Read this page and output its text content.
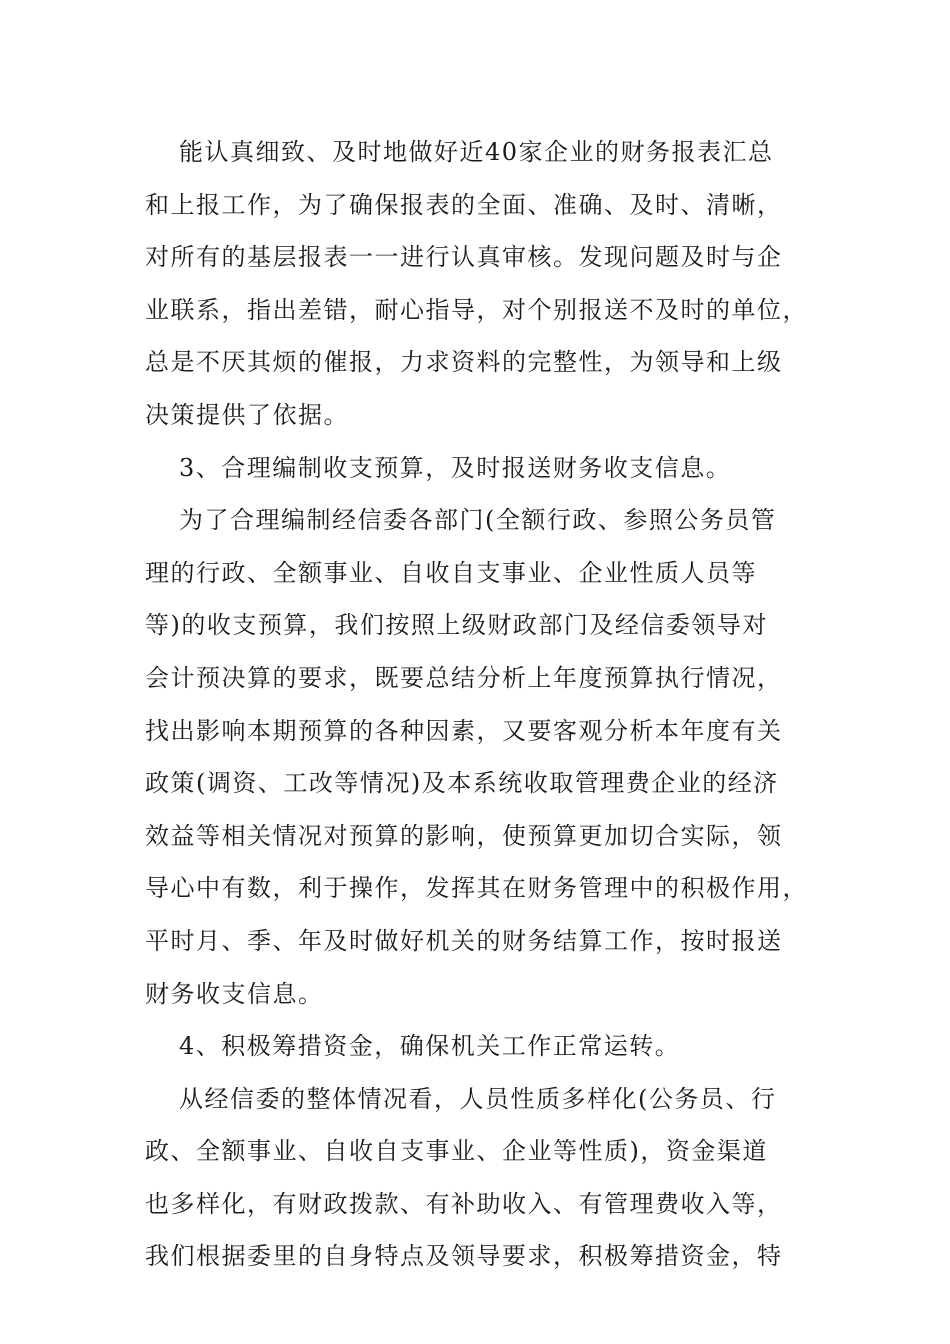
能认真细致、及时地做好近40家企业的财务报表汇总
和上报工作，为了确保报表的全面、准确、及时、清晰，
对所有的基层报表一一进行认真审核。发现问题及时与企
业联系，指出差错，耐心指导，对个别报送不及时的单位，
总是不厌其烦的催报，力求资料的完整性，为领导和上级
决策提供了依据。
3、合理编制收支预算，及时报送财务收支信息。
为了合理编制经信委各部门(全额行政、参照公务员管
理的行政、全额事业、自收自支事业、企业性质人员等
等)的收支预算，我们按照上级财政部门及经信委领导对
会计预决算的要求，既要总结分析上年度预算执行情况，
找出影响本期预算的各种因素，又要客观分析本年度有关
政策(调资、工改等情况)及本系统收取管理费企业的经济
效益等相关情况对预算的影响，使预算更加切合实际，领
导心中有数，利于操作，发挥其在财务管理中的积极作用，
平时月、季、年及时做好机关的财务结算工作，按时报送
财务收支信息。
4、积极筹措资金，确保机关工作正常运转。
从经信委的整体情况看，人员性质多样化(公务员、行
政、全额事业、自收自支事业、企业等性质)，资金渠道
也多样化，有财政拨款、有补助收入、有管理费收入等，
我们根据委里的自身特点及领导要求，积极筹措资金，特
